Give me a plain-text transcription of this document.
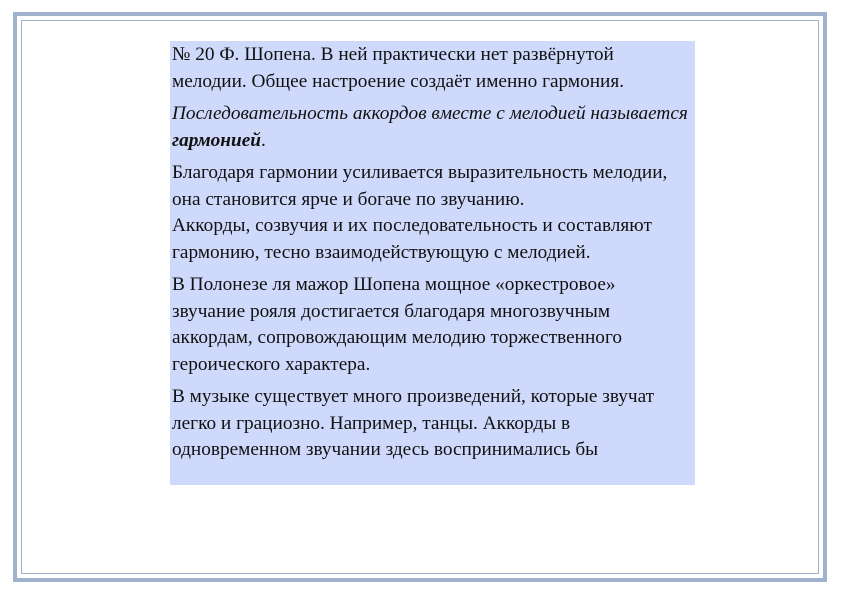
№ 20 Ф. Шопена. В ней практически нет развёрнутой мелодии. Общее настроение создаёт именно гармония.

Последовательность аккордов вместе с мелодией называется гармонией.

Благодаря гармонии усиливается выразительность мелодии, она становится ярче и богаче по звучанию.
Аккорды, созвучия и их последовательность и составляют гармонию, тесно взаимодействующую с мелодией.

В Полонезе ля мажор Шопена мощное «оркестровое» звучание рояля достигается благодаря многозвучным аккордам, сопровождающим мелодию торжественного героического характера.

В музыке существует много произведений, которые звучат легко и грациозно. Например, танцы. Аккорды в одновременном звучании здесь воспринимались бы
